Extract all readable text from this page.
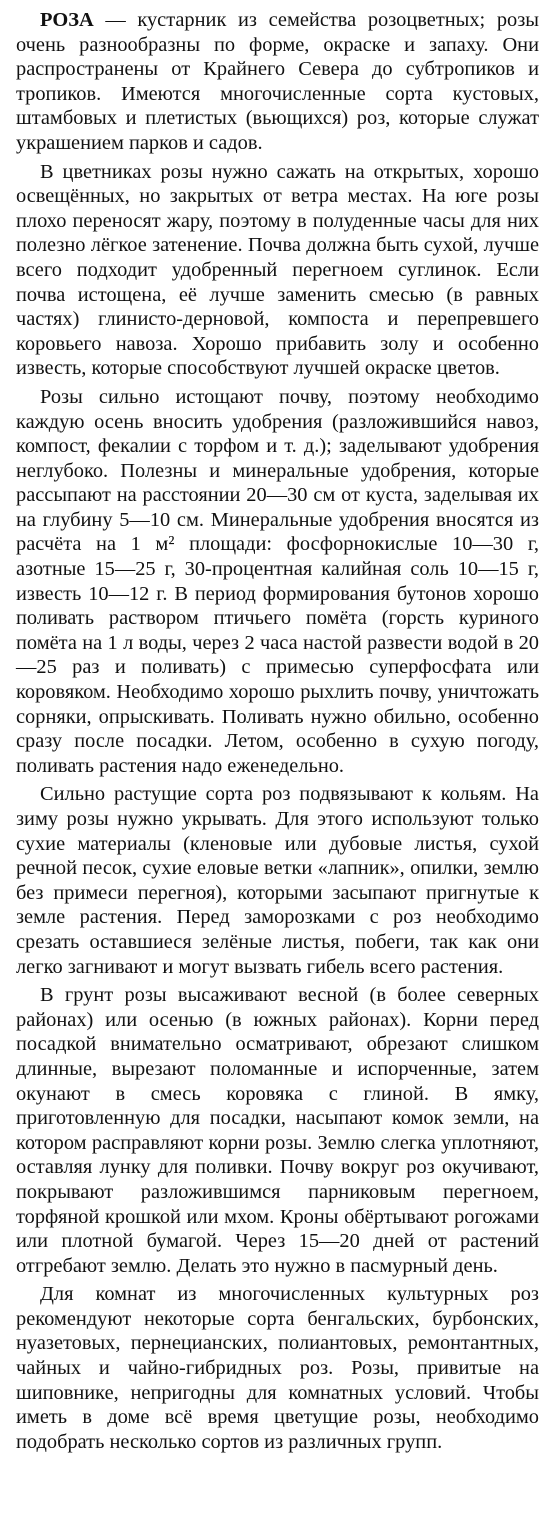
РОЗА — кустарник из семейства розоцветных; розы очень разнообразны по форме, окраске и запаху. Они распространены от Крайнего Севера до субтропиков и тропиков. Имеются многочисленные сорта кустовых, штамбовых и плетистых (вьющихся) роз, которые служат украшением парков и садов.

В цветниках розы нужно сажать на открытых, хорошо освещённых, но закрытых от ветра местах. На юге розы плохо переносят жару, поэтому в полуденные часы для них полезно лёгкое затенение. Почва должна быть сухой, лучше всего подходит удобренный перегноем суглинок. Если почва истощена, её лучше заменить смесью (в равных частях) глинисто-дерновой, компоста и перепревшего коровьего навоза. Хорошо прибавить золу и особенно известь, которые способствуют лучшей окраске цветов.

Розы сильно истощают почву, поэтому необходимо каждую осень вносить удобрения (разложившийся навоз, компост, фекалии с торфом и т. д.); заделывают удобрения неглубоко. Полезны и минеральные удобрения, которые рассыпают на расстоянии 20—30 см от куста, заделывая их на глубину 5—10 см. Минеральные удобрения вносятся из расчёта на 1 м² площади: фосфорнокислые 10—30 г, азотные 15—25 г, 30-процентная калийная соль 10—15 г, известь 10—12 г. В период формирования бутонов хорошо поливать раствором птичьего помёта (горсть куриного помёта на 1 л воды, через 2 часа настой развести водой в 20—25 раз и поливать) с примесью суперфосфата или коровяком. Необходимо хорошо рыхлить почву, уничтожать сорняки, опрыскивать. Поливать нужно обильно, особенно сразу после посадки. Летом, особенно в сухую погоду, поливать растения надо еженедельно.

Сильно растущие сорта роз подвязывают к кольям. На зиму розы нужно укрывать. Для этого используют только сухие материалы (кленовые или дубовые листья, сухой речной песок, сухие еловые ветки «лапник», опилки, землю без примеси перегноя), которыми засыпают пригнутые к земле растения. Перед заморозками с роз необходимо срезать оставшиеся зелёные листья, побеги, так как они легко загнивают и могут вызвать гибель всего растения.

В грунт розы высаживают весной (в более северных районах) или осенью (в южных районах). Корни перед посадкой внимательно осматривают, обрезают слишком длинные, вырезают поломанные и испорченные, затем окунают в смесь коровяка с глиной. В ямку, приготовленную для посадки, насыпают комок земли, на котором расправляют корни розы. Землю слегка уплотняют, оставляя лунку для поливки. Почву вокруг роз окучивают, покрывают разложившимся парниковым перегноем, торфяной крошкой или мхом. Кроны обёртывают рогожами или плотной бумагой. Через 15—20 дней от растений отгребают землю. Делать это нужно в пасмурный день.

Для комнат из многочисленных культурных роз рекомендуют некоторые сорта бенгальских, бурбонских, нуазетовых, пернецианских, полиантовых, ремонтантных, чайных и чайно-гибридных роз. Розы, привитые на шиповнике, непригодны для комнатных условий. Чтобы иметь в доме всё время цветущие розы, необходимо подобрать несколько сортов из различных групп.
